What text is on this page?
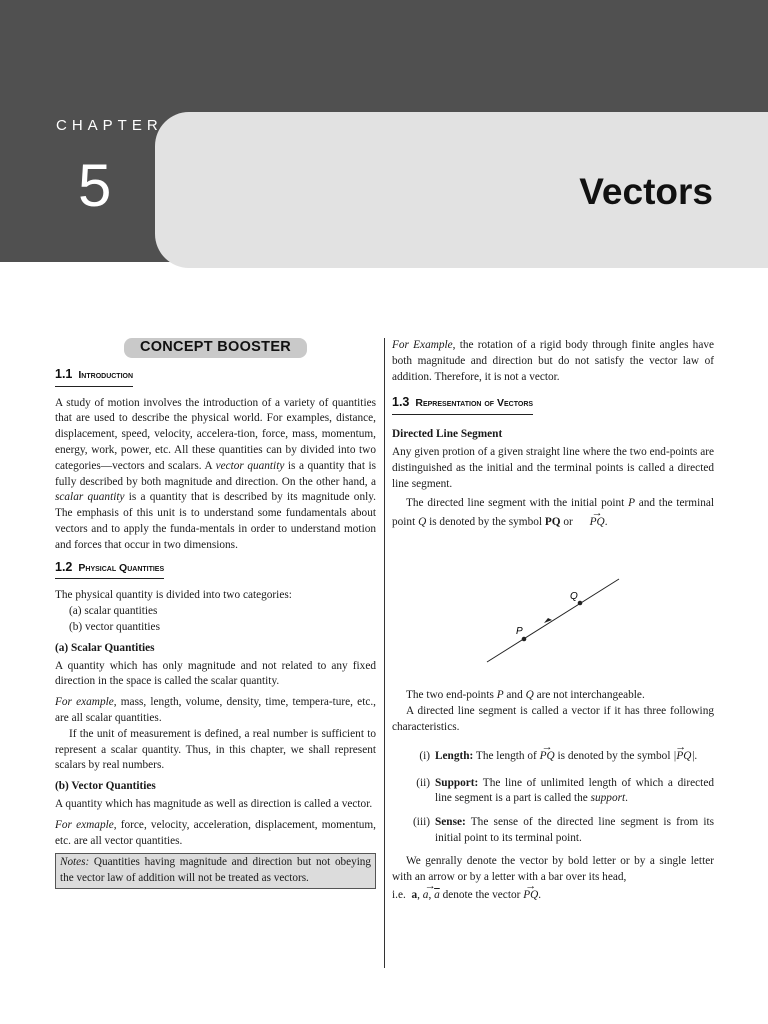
CHAPTER
5	Vectors
CONCEPT BOOSTER
1.1 Introduction

A study of motion involves the introduction of a variety of quantities that are used to describe the physical world. For examples, distance, displacement, speed, velocity, accelera-tion, force, mass, momentum, energy, work, power, etc. All these quantities can by divided into two categories—vectors and scalars. A vector quantity is a quantity that is fully described by both magnitude and direction. On the other hand, a scalar quantity is a quantity that is described by its magnitude only. The emphasis of this unit is to understand some fundamentals about vectors and to apply the funda-mentals in order to understand motion and forces that occur in two dimensions.

1.2 Physical Quantities

The physical quantity is divided into two categories:

(a) scalar quantities

(b) vector quantities

(a) Scalar Quantities

A quantity which has only magnitude and not related to any fixed direction in the space is called the scalar quantity.

For example, mass, length, volume, density, time, tempera-ture, etc., are all scalar quantities.

If the unit of measurement is defined, a real number is sufficient to represent a scalar quantity. Thus, in this chapter, we shall represent scalars by real numbers.

(b) Vector Quantities

A quantity which has magnitude as well as direction is called a vector.

For exmaple, force, velocity, acceleration, displacement, momentum, etc. are all vector quantities.

Notes: Quantities having magnitude and direction but not obeying the vector law of addition will not be treated as vectors.

For Example, the rotation of a rigid body through finite angles have both magnitude and direction but do not satisfy the vector law of addition. Therefore, it is not a vector.

1.3 Representation of Vectors

Directed Line Segment

Any given protion of a given straight line where the two end-points are distinguished as the initial and the terminal points is called a directed line segment.

The directed line segment with the initial point P and the terminal point Q is denoted by the symbol PQ or → PQ.

P
Q

The two end-points P and Q are not interchangeable.

A directed line segment is called a vector if it has three following characteristics.

(i) Length: The length of → PQ is denoted by the symbol → |PQ|.
(ii) Support: The line of unlimited length of which a directed line segment is a part is called the support.
(iii) Sense: The sense of the directed line segment is from its initial point to its terminal point.

We genrally denote the vector by bold letter or by a single letter with an arrow or by a letter with a bar over its head,

i.e. a, → a, $\overline{a}$ denote the vector → PQ.
